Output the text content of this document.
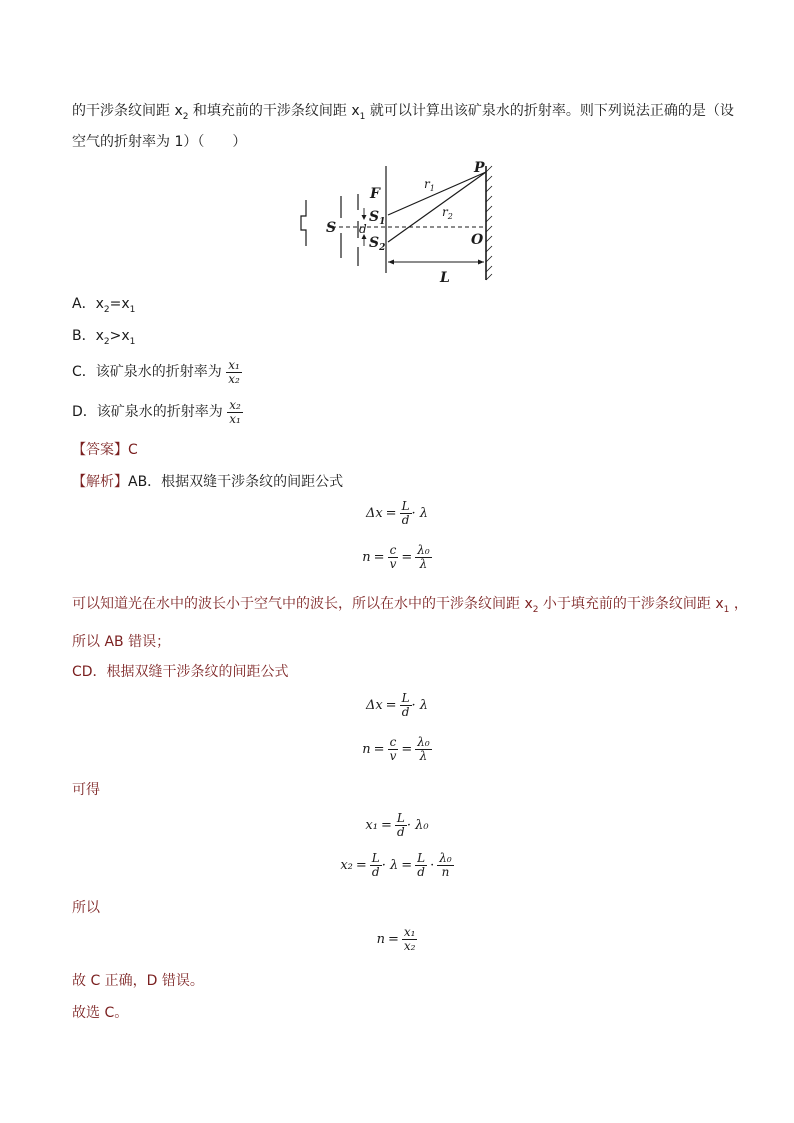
的干涉条纹间距 $x_2$ 和填充前的干涉条纹间距 $x_1$ 就可以计算出该矿泉水的折射率。则下列说法正确的是（设
空气的折射率为 1）（　　）
S
F
$S_1$
$S_2$
d
P
O
L
$r_1$
$r_2$
A．$x_2=x_1$
B．$x_2>x_1$
C．该矿泉水的折射率为 $\frac{\text{x₁}}{\text{x₂}}$
D．该矿泉水的折射率为 $\frac{\text{x₂}}{\text{x₁}}$
【答案】C
【解析】AB．根据双缝干涉条纹的间距公式
$\Delta x = \frac{L}{d} \cdot \lambda$
$n = \frac{c}{v} = \frac{\text{λ₀}}{\lambda}$
可以知道光在水中的波长小于空气中的波长，所以在水中的干涉条纹间距 $x_2$ 小于填充前的干涉条纹间距 $x_1$ ，
所以 AB 错误；
CD．根据双缝干涉条纹的间距公式
$\Delta x = \frac{L}{d} \cdot \lambda$
$n = \frac{c}{v} = \frac{\text{λ₀}}{\lambda}$
可得
$x_1 = \frac{L}{d} \cdot \lambda_0$
$x_2 = \frac{L}{d} \cdot \lambda = \frac{L}{d} \cdot \frac{\text{λ₀}}{n}$
所以
$n = \frac{\text{x₁}}{\text{x₂}}$
故 C 正确，D 错误。
故选 C。
